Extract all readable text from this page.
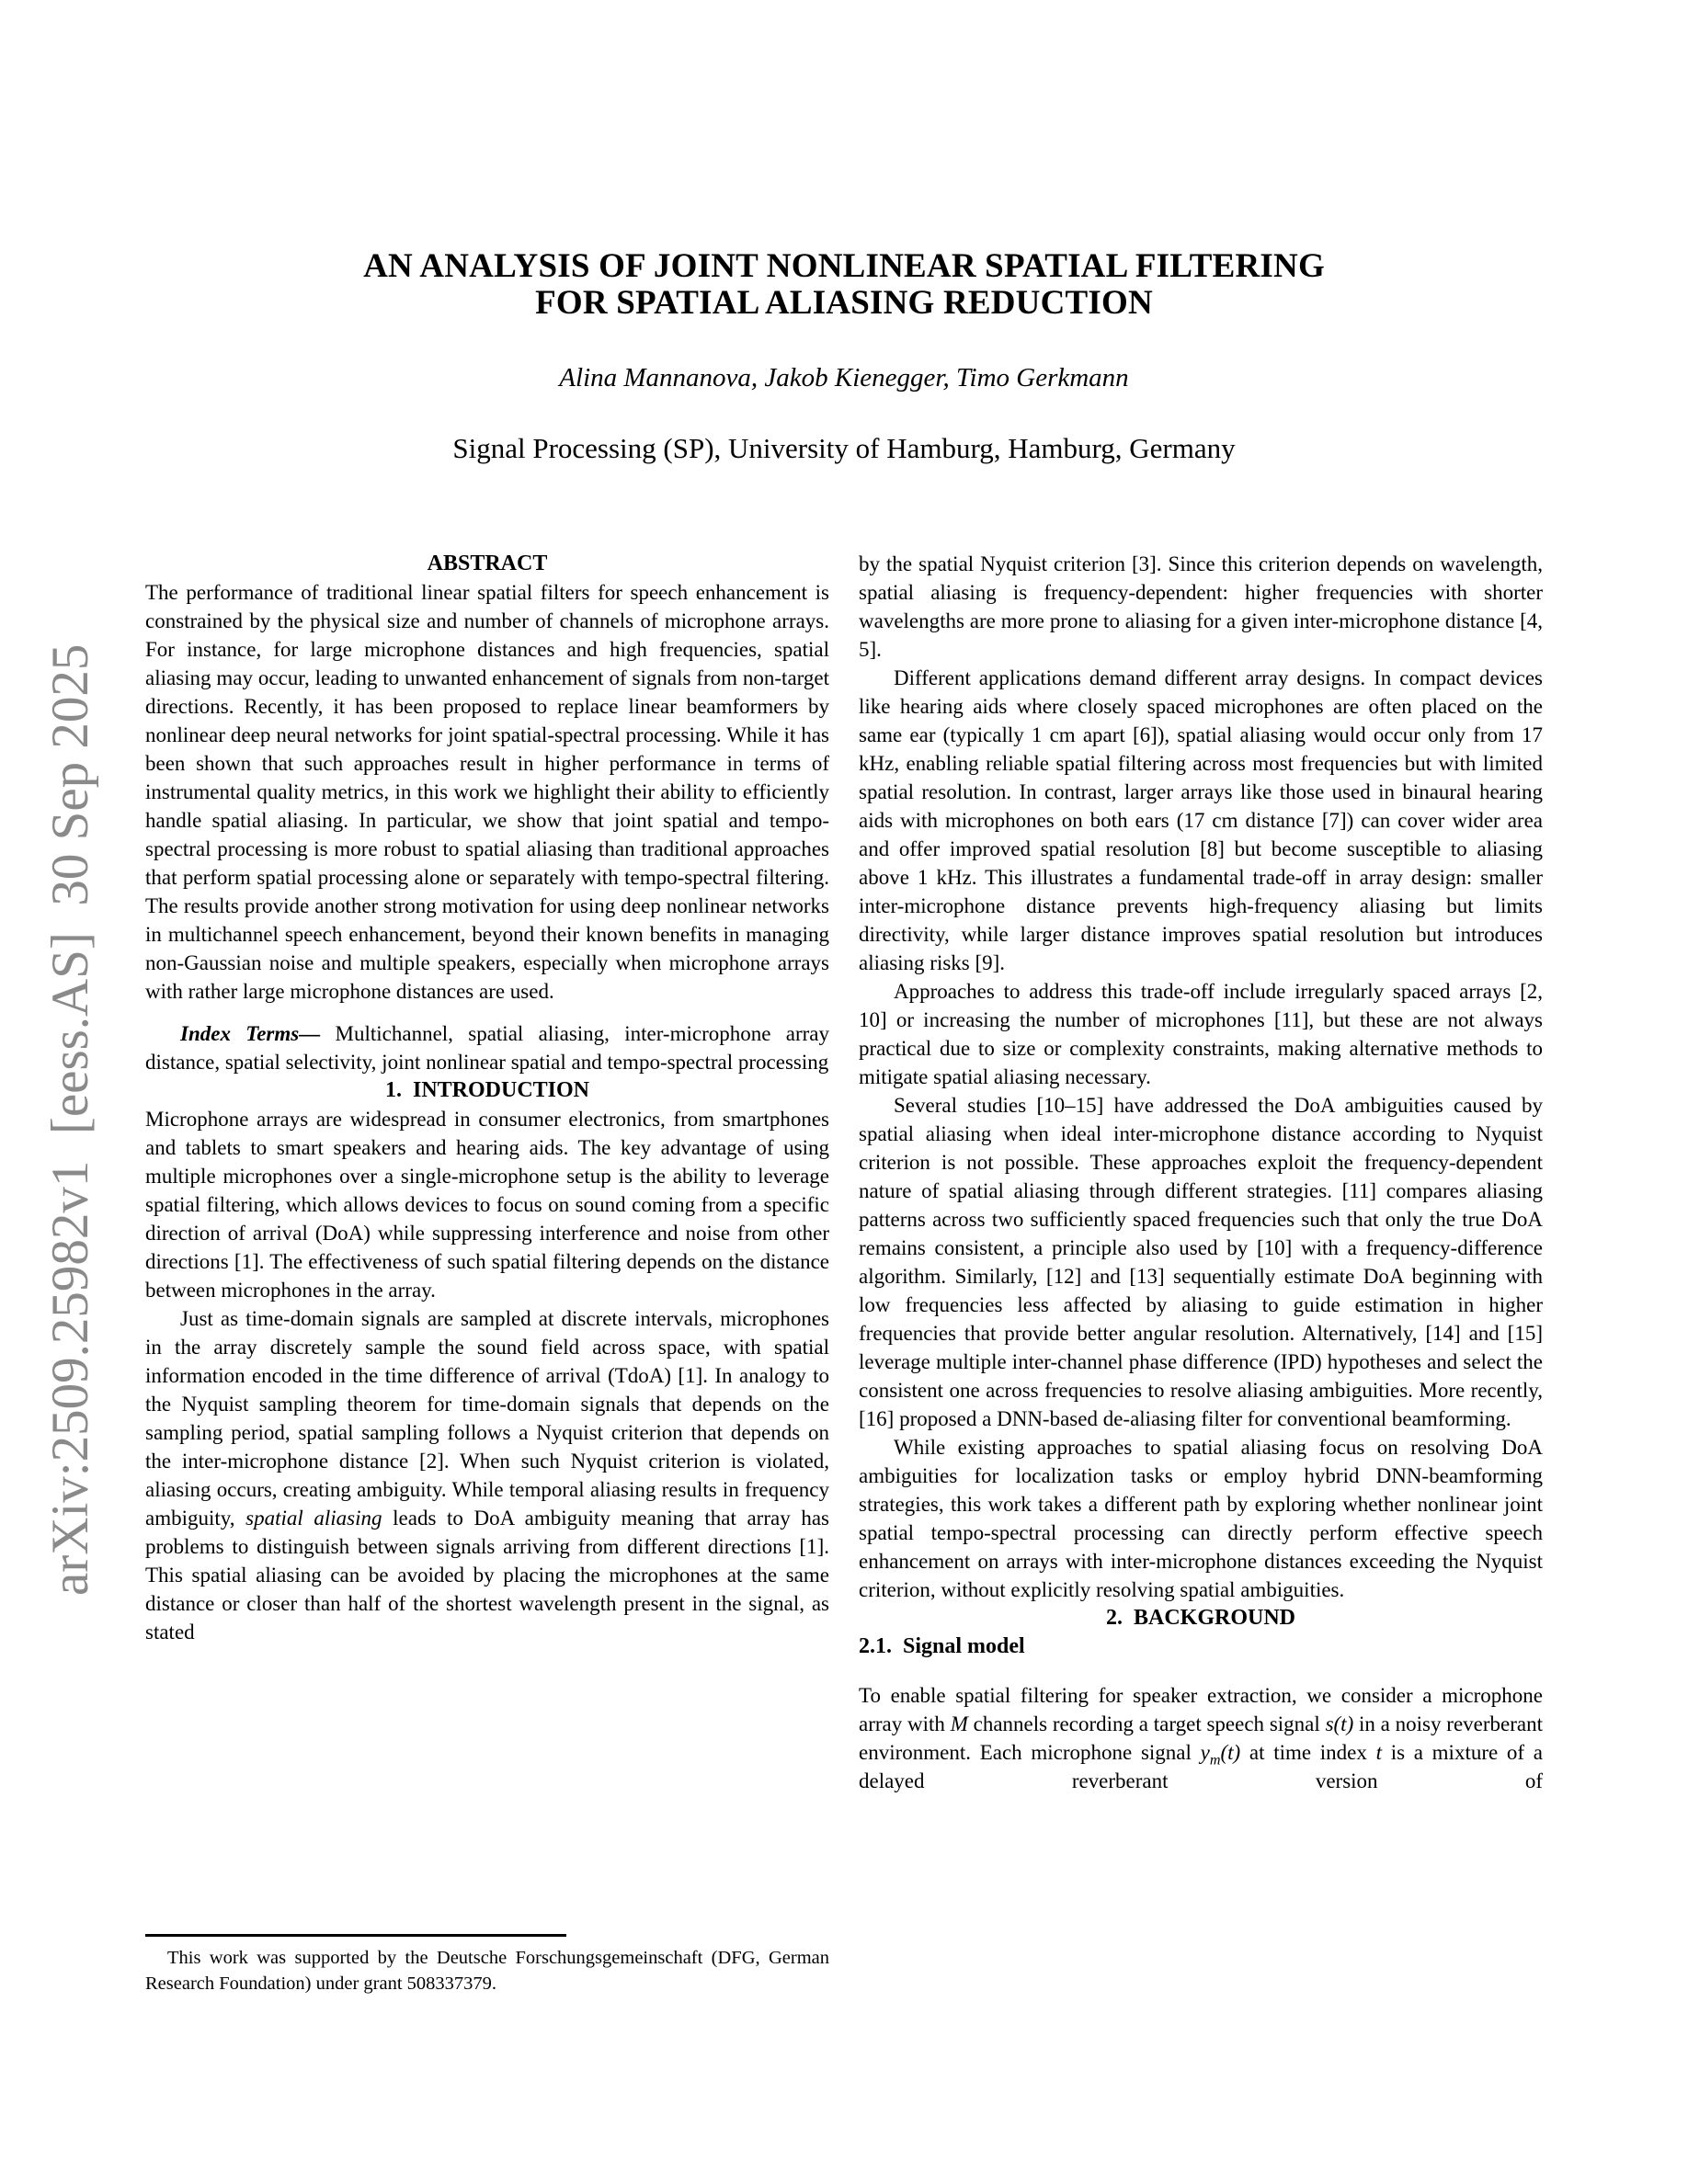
arXiv:2509.25982v1  [eess.AS]  30 Sep 2025
AN ANALYSIS OF JOINT NONLINEAR SPATIAL FILTERING
FOR SPATIAL ALIASING REDUCTION
Alina Mannanova, Jakob Kienegger, Timo Gerkmann
Signal Processing (SP), University of Hamburg, Hamburg, Germany
ABSTRACT

The performance of traditional linear spatial filters for speech enhancement is constrained by the physical size and number of channels of microphone arrays. For instance, for large microphone distances and high frequencies, spatial aliasing may occur, leading to unwanted enhancement of signals from non-target directions. Recently, it has been proposed to replace linear beamformers by nonlinear deep neural networks for joint spatial-spectral processing. While it has been shown that such approaches result in higher performance in terms of instrumental quality metrics, in this work we highlight their ability to efficiently handle spatial aliasing. In particular, we show that joint spatial and tempo-spectral processing is more robust to spatial aliasing than traditional approaches that perform spatial processing alone or separately with tempo-spectral filtering. The results provide another strong motivation for using deep nonlinear networks in multichannel speech enhancement, beyond their known benefits in managing non-Gaussian noise and multiple speakers, especially when microphone arrays with rather large microphone distances are used.

Index Terms— Multichannel, spatial aliasing, inter-microphone array distance, spatial selectivity, joint nonlinear spatial and tempo-spectral processing

1.  INTRODUCTION

Microphone arrays are widespread in consumer electronics, from smartphones and tablets to smart speakers and hearing aids. The key advantage of using multiple microphones over a single-microphone setup is the ability to leverage spatial filtering, which allows devices to focus on sound coming from a specific direction of arrival (DoA) while suppressing interference and noise from other directions [1]. The effectiveness of such spatial filtering depends on the distance between microphones in the array.

Just as time-domain signals are sampled at discrete intervals, microphones in the array discretely sample the sound field across space, with spatial information encoded in the time difference of arrival (TdoA) [1]. In analogy to the Nyquist sampling theorem for time-domain signals that depends on the sampling period, spatial sampling follows a Nyquist criterion that depends on the inter-microphone distance [2]. When such Nyquist criterion is violated, aliasing occurs, creating ambiguity. While temporal aliasing results in frequency ambiguity, spatial aliasing leads to DoA ambiguity meaning that array has problems to distinguish between signals arriving from different directions [1]. This spatial aliasing can be avoided by placing the microphones at the same distance or closer than half of the shortest wavelength present in the signal, as stated

by the spatial Nyquist criterion [3]. Since this criterion depends on wavelength, spatial aliasing is frequency-dependent: higher frequencies with shorter wavelengths are more prone to aliasing for a given inter-microphone distance [4, 5].

Different applications demand different array designs. In compact devices like hearing aids where closely spaced microphones are often placed on the same ear (typically 1 cm apart [6]), spatial aliasing would occur only from 17 kHz, enabling reliable spatial filtering across most frequencies but with limited spatial resolution. In contrast, larger arrays like those used in binaural hearing aids with microphones on both ears (17 cm distance [7]) can cover wider area and offer improved spatial resolution [8] but become susceptible to aliasing above 1 kHz. This illustrates a fundamental trade-off in array design: smaller inter-microphone distance prevents high-frequency aliasing but limits directivity, while larger distance improves spatial resolution but introduces aliasing risks [9].

Approaches to address this trade-off include irregularly spaced arrays [2, 10] or increasing the number of microphones [11], but these are not always practical due to size or complexity constraints, making alternative methods to mitigate spatial aliasing necessary.

Several studies [10–15] have addressed the DoA ambiguities caused by spatial aliasing when ideal inter-microphone distance according to Nyquist criterion is not possible. These approaches exploit the frequency-dependent nature of spatial aliasing through different strategies. [11] compares aliasing patterns across two sufficiently spaced frequencies such that only the true DoA remains consistent, a principle also used by [10] with a frequency-difference algorithm. Similarly, [12] and [13] sequentially estimate DoA beginning with low frequencies less affected by aliasing to guide estimation in higher frequencies that provide better angular resolution. Alternatively, [14] and [15] leverage multiple inter-channel phase difference (IPD) hypotheses and select the consistent one across frequencies to resolve aliasing ambiguities. More recently, [16] proposed a DNN-based de-aliasing filter for conventional beamforming.

While existing approaches to spatial aliasing focus on resolving DoA ambiguities for localization tasks or employ hybrid DNN-beamforming strategies, this work takes a different path by exploring whether nonlinear joint spatial tempo-spectral processing can directly perform effective speech enhancement on arrays with inter-microphone distances exceeding the Nyquist criterion, without explicitly resolving spatial ambiguities.

2.  BACKGROUND
2.1.  Signal model

To enable spatial filtering for speaker extraction, we consider a microphone array with M channels recording a target speech signal s(t) in a noisy reverberant environment. Each microphone signal $y_m(t)$ at time index t is a mixture of a delayed reverberant version of

This work was supported by the Deutsche Forschungsgemeinschaft (DFG, German Research Foundation) under grant 508337379.
